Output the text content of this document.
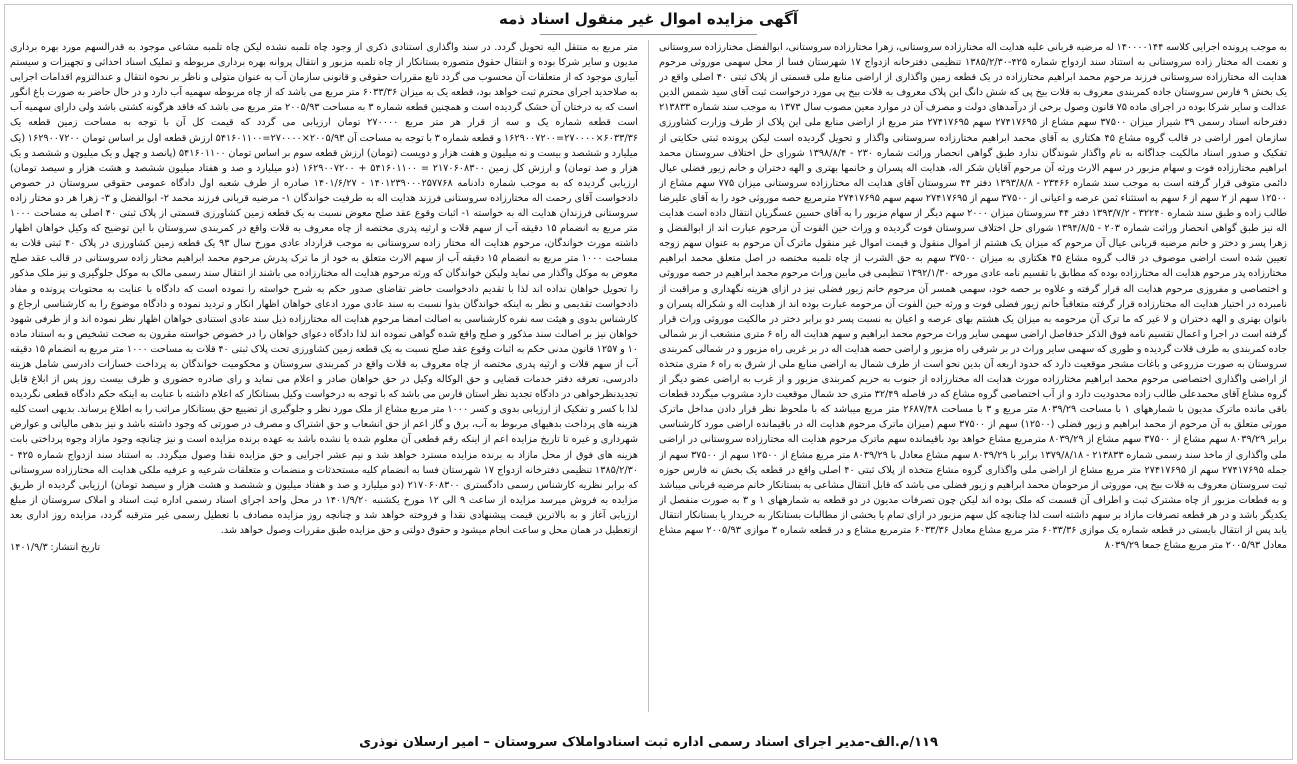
آگهی مزایده اموال غیر منقول اسناد ذمه

به موجب پرونده اجرایی کلاسه ۱۴۰۰۰۰۱۴۴ له مرضیه قربانی علیه هدایت اله مختارزاده سروستانی، زهرا مختارزاده سروستانی، ابوالفضل مختارزاده سروستانی و نعمت اله مختار زاده سروستانی به استناد سند ازدواج شماره ۴۲۵-۱۳۸۵/۲/۳۰ تنظیمی دفترخانه ازدواج ۱۷ شهرستان فسا از محل سهمی موروثی مرحوم هدایت اله مختارزاده سروستانی فرزند مرحوم محمد ابراهیم مختارزاده در یک قطعه زمین واگذاری از اراضی منابع ملی قسمتی از پلاک ثبتی ۴۰ اصلی واقع در یک بخش ۹ فارس سروستان جاده کمربندی معروف به قلات بیخ پی که شش دانگ این پلاک معروف به قلات بیخ پی مورد درخواست ثبت آقای سید شمس الدین عدالت و سایر شرکا بوده در اجرای ماده ۷۵ قانون وصول برخی از درآمدهای دولت و مصرف آن در موارد معین مصوب سال ۱۳۷۳ به موجب سند شماره ۲۱۳۸۳۳ دفترخانه اسناد رسمی ۳۹ شیراز میزان ۳۷۵۰۰ سهم مشاع از ۲۷۴۱۷۶۹۵ سهم ۲۷۴۱۷۶۹۵ متر مربع از اراضی منابع ملی این پلاک از طرف وزارت کشاورزی سازمان امور اراضی در قالب گروه مشاع ۴۵ هکتاری به آقای محمد ابراهیم مختارزاده سروستانی واگذار و تحویل گردیده است لیکن پرونده ثبتی حکایتی از تفکیک و صدور اسناد مالکیت جداگانه به نام واگذار شوندگان ندارد طبق گواهی انحصار وراثت شماره ۲۳۰ - ۱۳۹۸/۸/۴ شورای حل اختلاف سروستان محمد ابراهیم مختارزاده فوت و سهام مزبور در سهم الارث ورثه آن مرحوم آقایان شکر اله، هدایت اله پسران و خانمها بهتری و الهه دختران و خانم زیور فضلی عیال دائمی متوفی قرار گرفته است به موجب سند شماره ۲۳۴۶۶ - ۱۳۹۳/۸/۸ دفتر ۴۴ سروستان آقای هدایت اله مختارزاده سروستانی میزان ۷۷۵ سهم مشاع از ۱۲۵۰۰ سهم از ۲ سهم از ۶ سهم به استثناء ثمن عرصه و اعیانی از ۳۷۵۰۰ سهم از ۲۷۴۱۷۶۹۵ سهم سهم ۲۷۴۱۷۶۹۵ مترمربع حصه موروثی خود را به آقای علیرضا طالب زاده و طبق سند شماره ۳۲۲۴۰ - ۱۳۹۳/۷/۲ دفتر ۴۴ سروستان میزان ۲۰۰۰ سهم دیگر از سهام مزبور را به آقای حسین عسگریان انتقال داده است هدایت اله نیز طبق گواهی انحصار وراثت شماره ۲۰۳ - ۱۳۹۴/۸/۵ شورای حل اختلاف سروستان فوت گردیده و وراث حین الفوت آن مرحوم عبارت اند از ابوالفضل و زهرا پسر و دختر و خانم مرضیه قربانی عیال آن مرحوم که میزان یک هشتم از اموال منقول و قیمت اموال غیر منقول ماترک آن مرحوم به عنوان سهم زوجه تعیین شده است اراضی موصوف در قالب گروه مشاع ۴۵ هکتاری به میزان ۳۷۵۰۰ سهم به حق الشرب از چاه تلمبه مختصه در اصل متعلق محمد ابراهیم مختارزاده پدر مرحوم هدایت اله مختارزاده بوده که مطابق با تقسیم نامه عادی مورخه ۱۳۹۲/۱/۳۰ تنظیمی فی مابین وراث مرحوم محمد ابراهیم در حصه موروثی و اختصاصی و مفروزی مرحوم هدایت اله قرار گرفته و علاوه بر حصه خود، سهمی همسر آن مرحوم خانم زیور فضلی نیز در ازای هزینه نگهداری و مراقبت از نامبرده در اختیار هدایت اله مختارزاده قرار گرفته متعاقباً خانم زیور فضلی فوت و ورثه حین الفوت آن مرحومه عبارت بوده اند از هدایت اله و شکراله پسران و بانوان بهتری و الهه دختران و لا غیر که ما ترک آن مرحومه به میزان یک هشتم بهای عرصه و اعیان به نسبت پسر دو برابر دختر در مالکیت موروثی وراث قرار گرفته است در اجرا و اعمال تقسیم نامه فوق الذکر حدفاصل اراضی سهمی سایر وراث مرحوم محمد ابراهیم و سهم هدایت اله راه ۶ متری منشعب از بر شمالی جاده کمربندی به طرف قلات گردیده و طوری که سهمی سایر وراث در بر شرقی راه مزبور و اراضی حصه هدایت اله در بر غربی راه مزبور و در شمالی کمربندی سروستان به صورت مزروعی و باغات مشجر موقعیت دارد که حدود اربعه آن بدین نحو است از طرف شمال به اراضی منابع ملی از شرق به راه ۶ متری متخذه از اراضی واگذاری اختصاصی مرحوم محمد ابراهیم مختارزاده مورث هدایت اله مختارزاده از جنوب به حریم کمربندی مزبور و از غرب به اراضی عضو دیگر از گروه مشاع آقای محمدعلی طالب زاده محدودیت دارد و از آب اختصاصی گروه مشاع که در فاصله ۳۲/۴۹ متری حد شمال موقعیت دارد مشروب میگردد قطعات باقی مانده ماترک مدیون با شمارههای ۱ با مساحت ۸۰۳۹/۲۹ متر مربع و ۳ با مساحت ۲۶۸۷/۴۸ متر مربع میباشد که با ملحوظ نظر قرار دادن مداخل ماترک مورثی متعلق به آن مرحوم از محمد ابراهیم و زیور فضلی (۱۲۵۰۰) سهم از ۳۷۵۰۰ سهم (میزان ماترک مرحوم هدایت اله در باقیمانده اراضی مورد کارشناسی برابر ۸۰۳۹/۲۹ سهم مشاع از ۳۷۵۰۰ سهم مشاع از ۸۰۳۹/۲۹ مترمربع مشاع خواهد بود باقیمانده سهم ماترک مرحوم هدایت اله مختارزاده سروستانی در اراضی ملی واگذاری از ماخذ سند رسمی شماره ۲۱۳۸۳۳ - ۱۳۷۹/۸/۱۸ برابر با ۸۰۳۹/۲۹ سهم مشاع معادل با ۸۰۳۹/۲۹ متر مربع مشاع از ۱۲۵۰۰ سهم از ۳۷۵۰۰ سهم از جمله ۲۷۴۱۷۶۹۵ سهم از ۲۷۴۱۷۶۹۵ متر مربع مشاع از اراضی ملی واگذاری گروه مشاع متخذه از پلاک ثبتی ۴۰ اصلی واقع در قطعه یک بخش نه فارس حوزه ثبت سروستان معروف به قلات بیخ پی، موروثی از مرحومان محمد ابراهیم و زیور فضلی می باشد که قابل انتقال مشاعی به بستانکار خانم مرضیه قربانی میباشد و به قطعات مزبور از چاه مشترک ثبت و اطراف آن قسمت که ملک بوده اند لیکن چون تصرفات مدیون در دو قطعه به شمارههای ۱ و ۳ به صورت منفصل از یکدیگر باشد و در هر قطعه تصرفات مازاد بر سهم داشته است لذا چنانچه کل سهم مزبور در ازای تمام یا بخشی از مطالبات بستانکار به خریدار یا بستانکار انتقال یابد پس از انتقال بایستی در قطعه شماره یک موازی ۶۰۳۳/۳۶ متر مربع مشاع معادل ۶۰۳۳/۳۶ مترمربع مشاع و در قطعه شماره ۳ موازی ۲۰۰۵/۹۳ سهم مشاع معادل ۲۰۰۵/۹۳ متر مربع مشاع جمعا ۸۰۳۹/۲۹

متر مربع به منتقل الیه تحویل گردد. در سند واگذاری استنادی ذکری از وجود چاه تلمبه نشده لیکن چاه تلمبه مشاعی موجود به قدرالسهم مورد بهره برداری مدیون و سایر شرکا بوده و انتقال حقوق متصوره بستانکار از چاه تلمبه مزبور و انتقال پروانه بهره برداری مربوطه و تملیک اسناد احداثی و تجهیزات و سیستم آبیاری موجود که از متعلقات آن محسوب می گردد تابع مقررات حقوقی و قانونی سازمان آب به عنوان متولی و ناظر بر نحوه انتقال و عندالتزوم اقدامات اجرایی به صلاحدید اجرای محترم ثبت خواهد بود، قطعه یک به میزان ۶۰۳۳/۳۶ متر مربع می باشد که از چاه مربوطه سهمیه آب دارد و در حال حاضر به صورت باغ انگور است که به درختان آن خشک گردیده است و همچنین قطعه شماره ۳ به مساحت ۲۰۰۵/۹۳ متر مربع می باشد که فاقد هرگونه کشتی باشد ولی دارای سهمیه آب است قطعه شماره یک و سه از قرار هر متر مربع ۲۷۰۰۰۰ تومان ارزیابی می گردد که قیمت کل آن با توجه به مساحت زمین قطعه یک ۶۰۳۳/۳۶×۲۷۰۰۰۰=۱۶۲۹۰۰۷۲۰۰ و قطعه شماره ۳ با توجه به مساحت آن ۲۰۰۵/۹۳×۲۷۰۰۰۰=۵۴۱۶۰۱۱۰۰ ارزش قطعه اول بر اساس تومان ۱۶۲۹۰۰۷۲۰۰ (یک میلیارد و ششصد و بیست و نه میلیون و هفت هزار و دویست (تومان) ارزش قطعه سوم بر اساس تومان ۵۴۱۶۰۱۱۰۰ (پانصد و چهل و یک میلیون و ششصد و یک هزار و صد تومان) و ارزش کل زمین ۲۱۷۰۶۰۸۳۰۰ = ۵۴۱۶۰۱۱۰۰ + ۱۶۲۹۰۰۷۲۰۰ (دو میلیارد و صد و هفتاد میلیون ششصد و هشت هزار و سیصد تومان) ارزیابی گردیده که به موجب شماره دادنامه ۱۴۰۱۲۳۹۰۰۰۲۵۷۷۶۸ - ۱۴۰۱/۶/۲۷ صادره از طرف شعبه اول دادگاه عمومی حقوقی سروستان در خصوص دادخواست آقای رحمت اله مختارزاده سروستانی فرزند هدایت اله به طرفیت خواندگان ۱- مرضیه قربانی فرزند محمد ۲- ابوالفضل و ۳- زهرا هر دو مختار زاده سروستانی فرزندان هدایت اله به خواسته ۱- اثبات وقوع عقد صلح معوض نسبت به یک قطعه زمین کشاورزی قسمتی از پلاک ثبتی ۴۰ اصلی به مساحت ۱۰۰۰ متر مربع به انضمام ۱۵ دقیقه آب از سهم قلات و ارثیه پدری مختصه از چاه معروف به قلات واقع در کمربندی سروستان با این توضیح که وکیل خواهان اظهار داشته مورث خواندگان، مرحوم هدایت اله مختار زاده سروستانی به موجب قرارداد عادی مورخ سال ۹۳ یک قطعه زمین کشاورزی در پلاک ۴۰ ثبتی قلات به مساحت ۱۰۰۰ متر مربع به انضمام ۱۵ دقیقه آب از سهم الارث متعلق به خود از ما ترک پدرش مرحوم محمد ابراهیم مختار زاده سروستانی در قالب عقد صلح معوض به موکل واگذار می نماید ولیکن خواندگان که ورثه مرحوم هدایت اله مختارزاده می باشند از انتقال سند رسمی مالک به موکل جلوگیری و نیز ملک مذکور را تحویل خواهان نداده اند لذا با تقدیم دادخواست حاضر تقاضای صدور حکم به شرح خواسته را نموده است که دادگاه با عنایت به محتویات پرونده و مفاد دادخواست تقدیمی و نظر به اینکه خواندگان بدوا نسبت به سند عادی مورد ادعای خواهان اظهار انکار و تردید نموده و دادگاه موضوع را به کارشناسی ارجاع و کارشناس بدوی و هیئت سه نفره کارشناسی به اصالت امضا مرحوم هدایت اله مختارزاده ذیل سند عادی استنادی خواهان اظهار نظر نموده اند و از طرفی شهود خواهان نیز بر اصالت سند مذکور و صلح واقع شده گواهی نموده اند لذا دادگاه دعوای خواهان را در خصوص خواسته مقرون به صحت تشخیص و به استناد ماده ۱۰ و ۱۲۵۷ قانون مدنی حکم به اثبات وقوع عقد صلح نسبت به یک قطعه زمین کشاورزی تحت پلاک ثبتی ۴۰ قلات به مساحت ۱۰۰۰ متر مربع به انضمام ۱۵ دقیقه آب از سهم قلات و ارثیه پدری مختصه از چاه معروف به قلات واقع در کمربندی سروستان و محکومیت خواندگان به پرداخت خسارات دادرسی شامل هزینه دادرسی، تعرفه دفتر خدمات قضایی و حق الوکاله وکیل در حق خواهان صادر و اعلام می نماید و رای صادره حضوری و ظرف بیست روز پس از ابلاغ قابل تجدیدنظرخواهی در دادگاه تجدید نظر استان فارس می باشد که با توجه به درخواست وکیل بستانکار که اعلام داشته با عنایت به اینکه حکم دادگاه قطعی نگردیده لذا با کسر و تفکیک از ارزیابی بدوی و کسر ۱۰۰۰ متر مربع مشاع از ملک مورد نظر و جلوگیری از تضییع حق بستانکار مراتب را به اطلاع برساند. بدیهی است کلیه هزینه های پرداخت بدهیهای مربوط به آب، برق و گاز اعم از حق انشعاب و حق اشتراک و مصرف در صورتی که وجود داشته باشد و نیز بدهی مالیاتی و عوارض شهرداری و غیره تا تاریخ مزایده اعم از اینکه رقم قطعی آن معلوم شده یا نشده باشد به عهده برنده مزایده است و نیز چنانچه وجود مازاد وجوه پرداختی بابت هزینه های فوق از محل مازاد به برنده مزایده مسترد خواهد شد و نیم عشر اجرایی و حق مزایده نقدا وصول میگردد. به استناد سند ازدواج شماره ۴۲۵ - ۱۳۸۵/۲/۳۰ تنظیمی دفترخانه ازدواج ۱۷ شهرستان فسا به انضمام کلیه مستحدثات و منضمات و متعلقات شرعیه و عرفیه ملکی هدایت اله مختارزاده سروستانی که برابر نظریه کارشناس رسمی دادگستری ۲۱۷۰۶۰۸۳۰۰ (دو میلیارد و صد و هفتاد میلیون و ششصد و هشت هزار و سیصد تومان) ارزیابی گردیده از طریق مزایده به فروش میرسد مزایده از ساعت ۹ الی ۱۲ مورخ یکشنبه ۱۴۰۱/۹/۲۰ در محل واحد اجرای اسناد رسمی اداره ثبت اسناد و املاک سروستان از مبلغ ارزیابی آغاز و به بالاترین قیمت پیشنهادی نقدا و فروخته خواهد شد و چنانچه روز مزایده مصادف با تعطیل رسمی غیر مترقبه گردد، مزایده روز اداری بعد ازتعطیل در همان محل و ساعت انجام میشود و حقوق دولتی و حق مزایده طبق مقررات وصول خواهد شد.

تاریخ انتشار: ۱۴۰۱/۹/۳
۱۱۹/م.الف-مدیر اجرای اسناد رسمی اداره ثبت اسنادواملاک سروستان – امیر ارسلان نوذری
